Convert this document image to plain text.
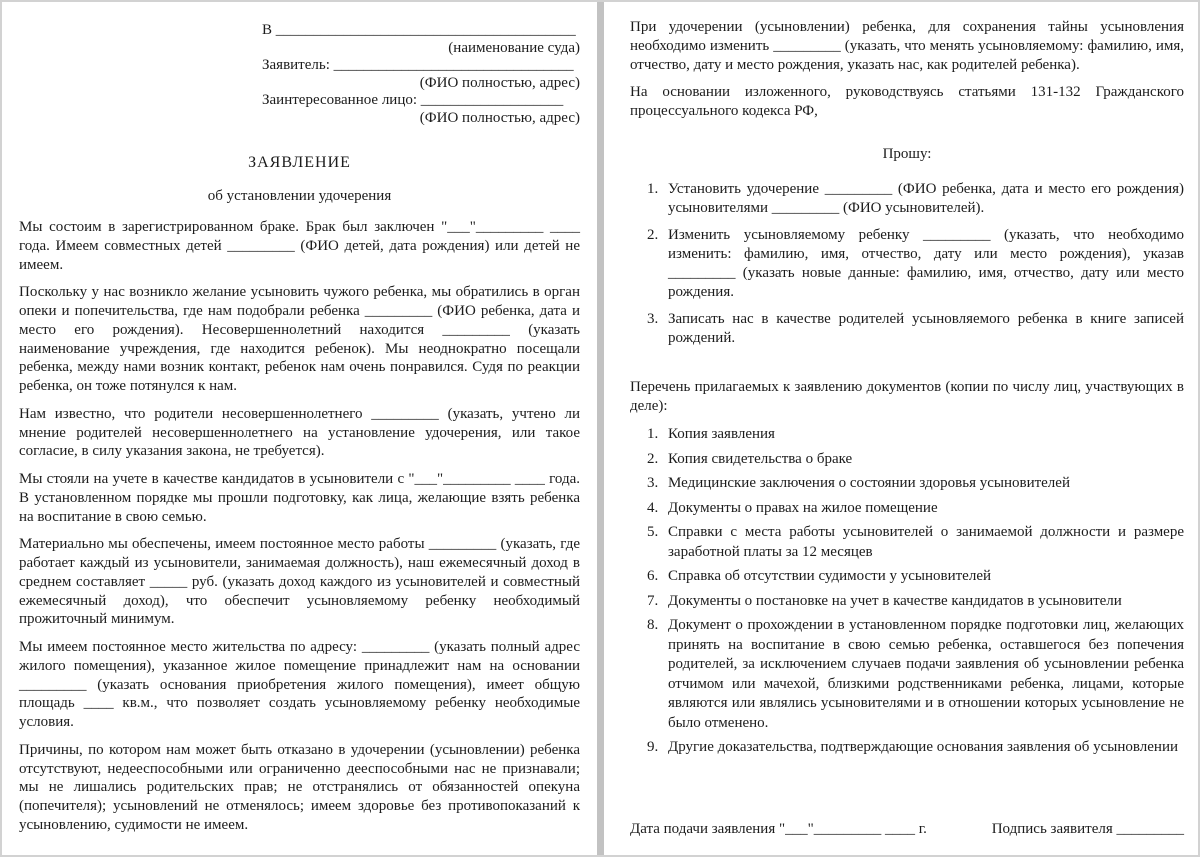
В ________________________________________
(наименование суда)
Заявитель: ________________________________
(ФИО полностью, адрес)
Заинтересованное лицо: ___________________
(ФИО полностью, адрес)
ЗАЯВЛЕНИЕ
об установлении удочерения

Мы состоим в зарегистрированном браке. Брак был заключен "___"_________ ____ года. Имеем совместных детей _________ (ФИО детей, дата рождения) или детей не имеем.

Поскольку у нас возникло желание усыновить чужого ребенка, мы обратились в орган опеки и попечительства, где нам подобрали ребенка _________ (ФИО ребенка, дата и место его рождения). Несовершеннолетний находится _________ (указать наименование учреждения, где находится ребенок). Мы неоднократно посещали ребенка, между нами возник контакт, ребенок нам очень понравился. Судя по реакции ребенка, он тоже потянулся к нам.

Нам известно, что родители несовершеннолетнего _________ (указать, учтено ли мнение родителей несовершеннолетнего на установление удочерения, или такое согласие, в силу указания закона, не требуется).

Мы стояли на учете в качестве кандидатов в усыновители с "___"_________ ____ года. В установленном порядке мы прошли подготовку, как лица, желающие взять ребенка на воспитание в свою семью.

Материально мы обеспечены, имеем постоянное место работы _________ (указать, где работает каждый из усыновители, занимаемая должность), наш ежемесячный доход в среднем составляет _____ руб. (указать доход каждого из усыновителей и совместный ежемесячный доход), что обеспечит усыновляемому ребенку необходимый прожиточный минимум.

Мы имеем постоянное место жительства по адресу: _________ (указать полный адрес жилого помещения), указанное жилое помещение принадлежит нам на основании _________ (указать основания приобретения жилого помещения), имеет общую площадь ____ кв.м., что позволяет создать усыновляемому ребенку необходимые условия.

Причины, по котором нам может быть отказано в удочерении (усыновлении) ребенка отсутствуют, недееспособными или ограниченно дееспособными нас не признавали; мы не лишались родительских прав; не отстранялись от обязанностей опекуна (попечителя); усыновлений не отменялось; имеем здоровье без противопоказаний к усыновлению, судимости не имеем.

При удочерении (усыновлении) ребенка, для сохранения тайны усыновления необходимо изменить _________ (указать, что менять усыновляемому: фамилию, имя, отчество, дату и место рождения, указать нас, как родителей ребенка).

На основании изложенного, руководствуясь статьями 131-132 Гражданского процессуального кодекса РФ,

Прошу:
1. Установить удочерение _________ (ФИО ребенка, дата и место его рождения) усыновителями _________ (ФИО усыновителей).
2. Изменить усыновляемому ребенку _________ (указать, что необходимо изменить: фамилию, имя, отчество, дату или место рождения), указав _________ (указать новые данные: фамилию, имя, отчество, дату или место рождения.
3. Записать нас в качестве родителей усыновляемого ребенка в книге записей рождений.

Перечень прилагаемых к заявлению документов (копии по числу лиц, участвующих в деле):

1. Копия заявления
2. Копия свидетельства о браке
3. Медицинские заключения о состоянии здоровья усыновителей
4. Документы о правах на жилое помещение
5. Справки с места работы усыновителей о занимаемой должности и размере заработной платы за 12 месяцев
6. Справка об отсутствии судимости у усыновителей
7. Документы о постановке на учет в качестве кандидатов в усыновители
8. Документ о прохождении в установленном порядке подготовки лиц, желающих принять на воспитание в свою семью ребенка, оставшегося без попечения родителей, за исключением случаев подачи заявления об усыновлении ребенка отчимом или мачехой, близкими родственниками ребенка, лицами, которые являются или являлись усыновителями и в отношении которых усыновление не было отменено.
9. Другие доказательства, подтверждающие основания заявления об усыновлении
Дата подачи заявления "___"_________ ____ г.	Подпись заявителя _________
